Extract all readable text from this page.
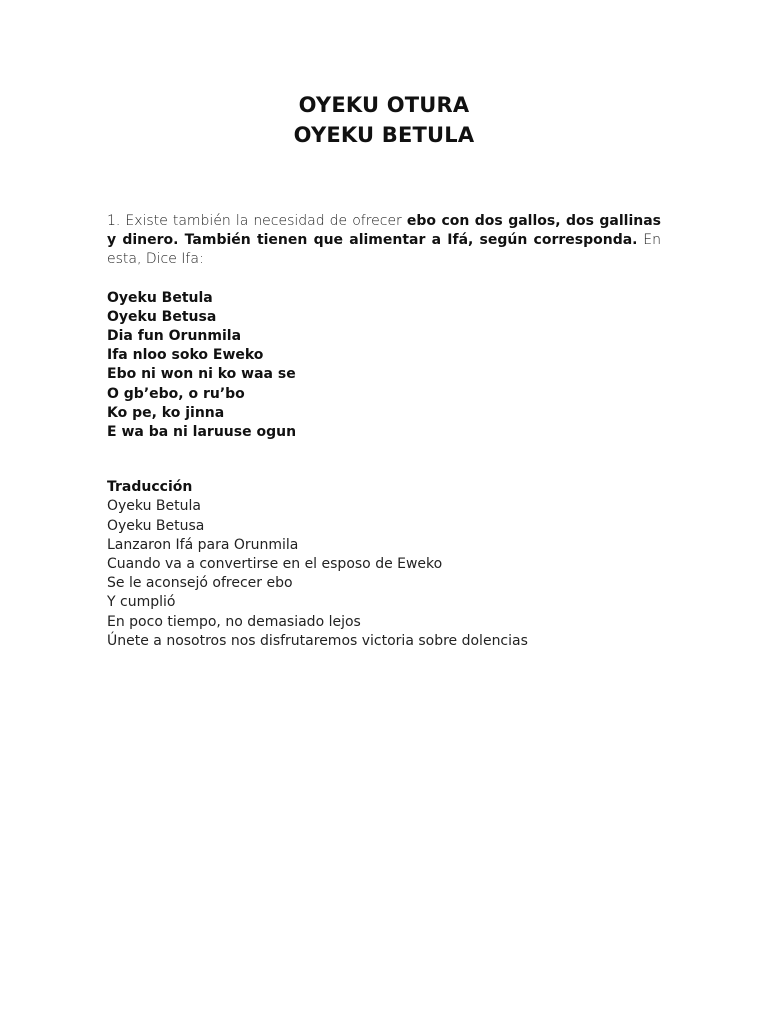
OYEKU OTURA
OYEKU BETULA
1. Existe también la necesidad de ofrecer ebo con dos gallos, dos gallinas y dinero. También tienen que alimentar a Ifá, según corresponda. En esta, Dice Ifa:
Oyeku Betula
Oyeku Betusa
Dia fun Orunmila
Ifa nloo soko Eweko
Ebo ni won ni ko waa se
O gb’ebo, o ru’bo
Ko pe, ko jinna
E wa ba ni laruuse ogun
Traducción
Oyeku Betula
Oyeku Betusa
Lanzaron Ifá para Orunmila
Cuando va a convertirse en el esposo de Eweko
Se le aconsejó ofrecer ebo
Y cumplió
En poco tiempo, no demasiado lejos
Únete a nosotros nos disfrutaremos victoria sobre dolencias
